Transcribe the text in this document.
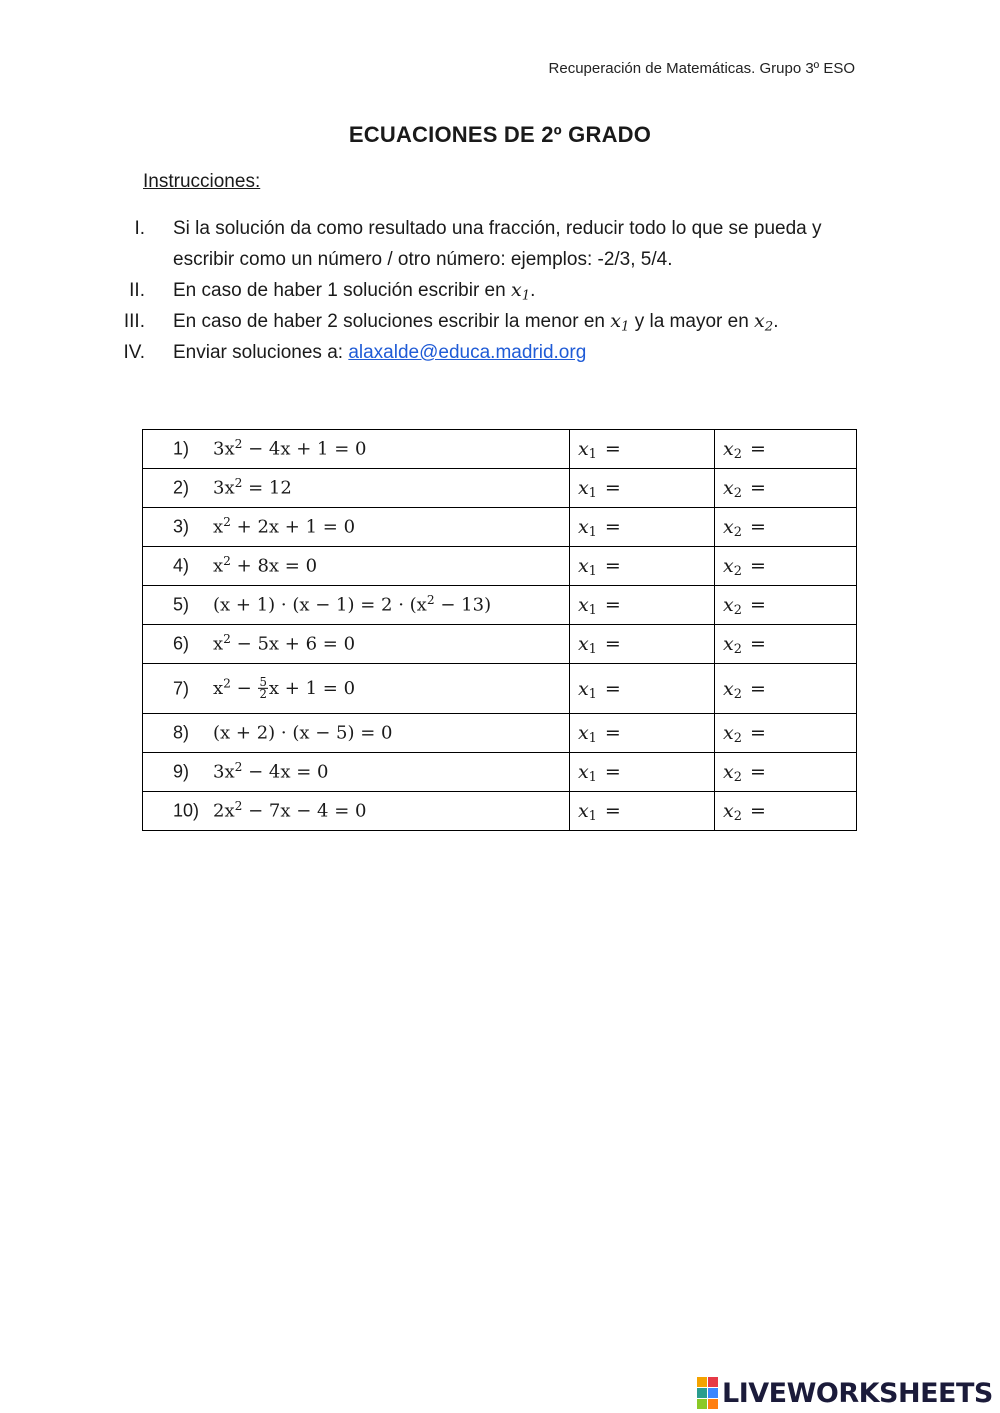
Recuperación de Matemáticas. Grupo 3º ESO
ECUACIONES DE 2º GRADO
Instrucciones:
I. Si la solución da como resultado una fracción, reducir todo lo que se pueda y escribir como un número / otro número: ejemplos: -2/3, 5/4.
II. En caso de haber 1 solución escribir en $x_1$.
III. En caso de haber 2 soluciones escribir la menor en $x_1$ y la mayor en $x_2$.
IV. Enviar soluciones a: alaxalde@educa.madrid.org
1) $3x^2 - 4x + 1 = 0$	$x_1$ =	$x_2$ =

2) $3x^2 = 12$	$x_1$ =	$x_2$ =

3) $x^2 + 2x + 1 = 0$	$x_1$ =	$x_2$ =

4) $x^2 + 8x = 0$	$x_1$ =	$x_2$ =

5) $(x + 1) \cdot (x - 1) = 2 \cdot (x^2 - 13)$	$x_1$ =	$x_2$ =

6) $x^2 - 5x + 6 = 0$	$x_1$ =	$x_2$ =

7) $x^2 - \frac{5}{2}$ x + 1 = 0	$x_1$ =	$x_2$ =

8) (x + 2) · (x − 5) = 0	$x_1$ =	$x_2$ =

9) $3x^2 - 4x = 0$	$x_1$ =	$x_2$ =

10) $2x^2 - 7x - 4 = 0$	$x_1$ =	$x_2$ =
LIVEWORKSHEETS
